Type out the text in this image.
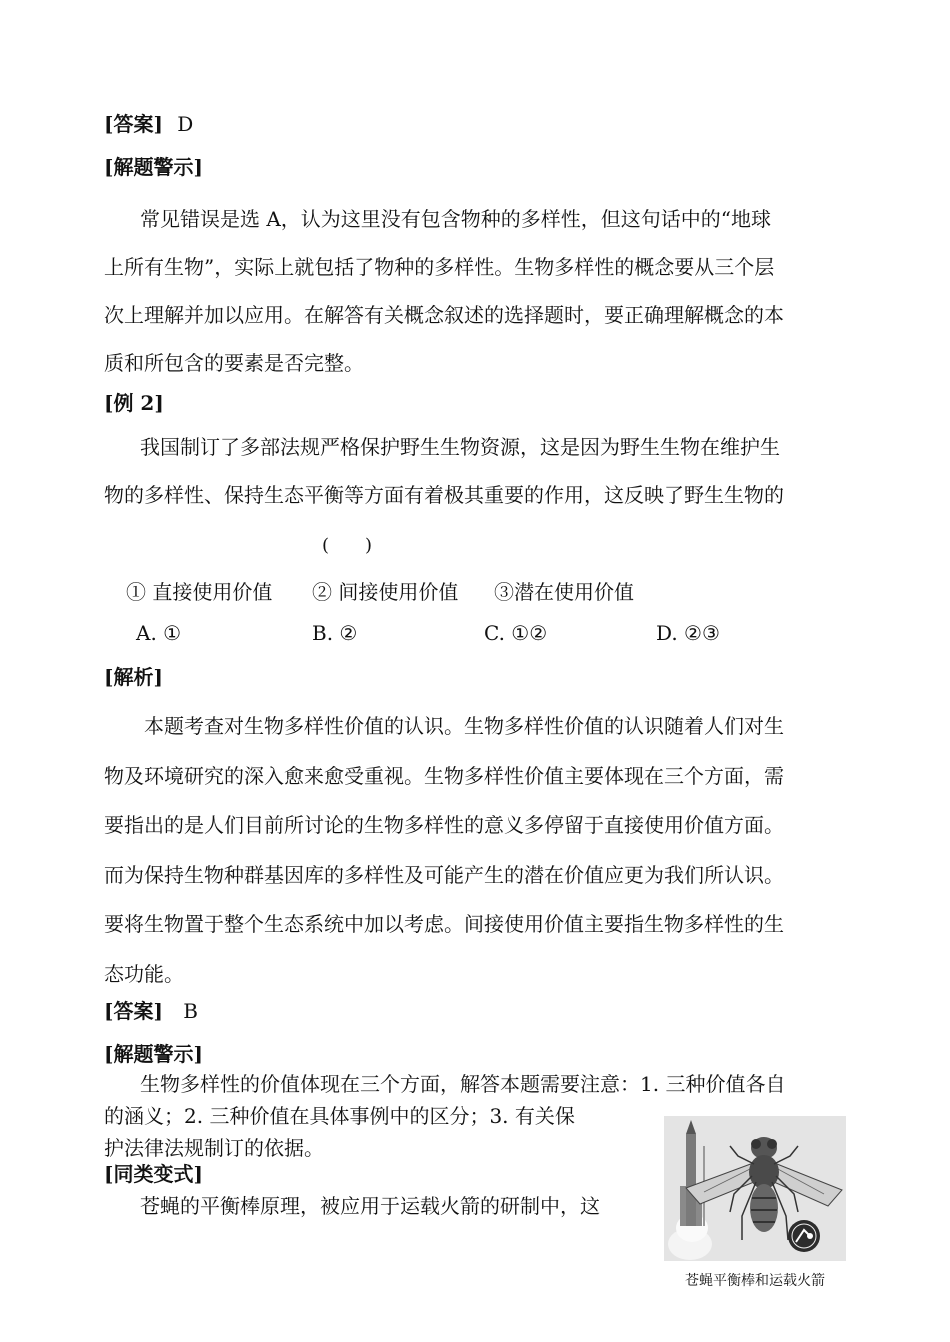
[答案] D
[解题警示]
常见错误是选 A，认为这里没有包含物种的多样性，但这句话中的“地球
上所有生物”，实际上就包括了物种的多样性。生物多样性的概念要从三个层
次上理解并加以应用。在解答有关概念叙述的选择题时，要正确理解概念的本
质和所包含的要素是否完整。
[例 2]
我国制订了多部法规严格保护野生生物资源，这是因为野生生物在维护生
物的多样性、保持生态平衡等方面有着极其重要的作用，这反映了野生生物的
(　　)
① 直接使用价值 ② 间接使用价值 ③潜在使用价值
A. ①	B. ②	C. ①②	D. ②③
[解析]
本题考查对生物多样性价值的认识。生物多样性价值的认识随着人们对生
物及环境研究的深入愈来愈受重视。生物多样性价值主要体现在三个方面，需
要指出的是人们目前所讨论的生物多样性的意义多停留于直接使用价值方面。
而为保持生物种群基因库的多样性及可能产生的潜在价值应更为我们所认识。
要将生物置于整个生态系统中加以考虑。间接使用价值主要指生物多样性的生
态功能。
[答案] B
[解题警示]
生物多样性的价值体现在三个方面，解答本题需要注意：1. 三种价值各自
的涵义；2. 三种价值在具体事例中的区分；3. 有关保
护法律法规制订的依据。
[同类变式]
苍蝇的平衡棒原理，被应用于运载火箭的研制中，这
苍蝇平衡棒和运载火箭
